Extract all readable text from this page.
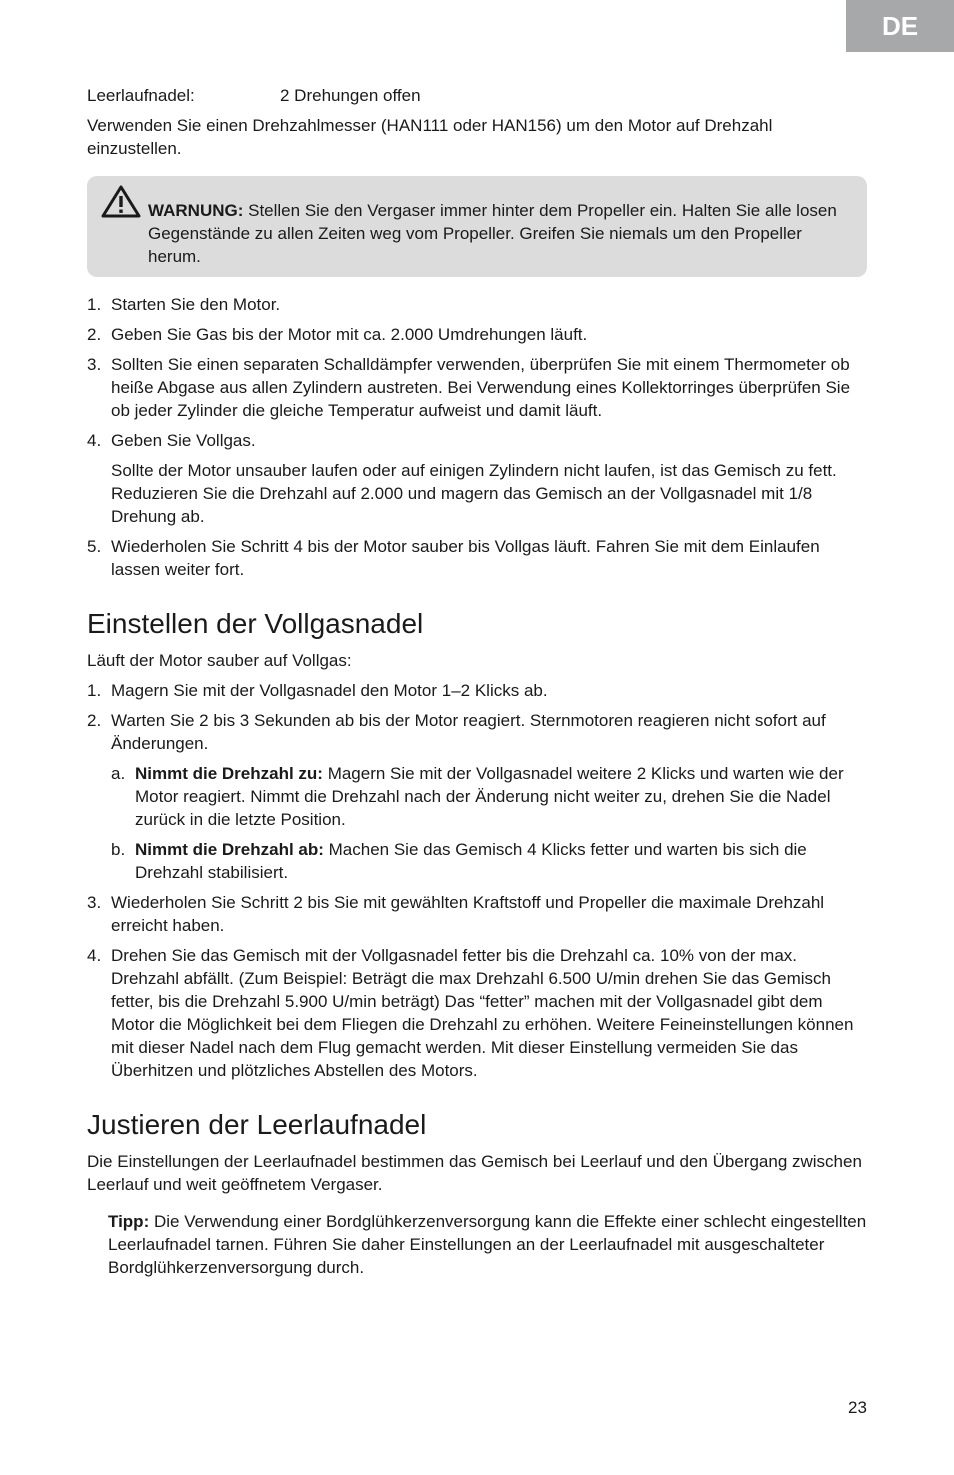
DE
Leerlaufnadel:	2 Drehungen offen

Verwenden Sie einen Drehzahlmesser (HAN111 oder HAN156) um den Motor auf Drehzahl einzustellen.

WARNUNG: Stellen Sie den Vergaser immer hinter dem Propeller ein. Halten Sie alle losen Gegenstände zu allen Zeiten weg vom Propeller. Greifen Sie niemals um den Propeller herum.
1. Starten Sie den Motor.
2. Geben Sie Gas bis der Motor mit ca. 2.000 Umdrehungen läuft.
3. Sollten Sie einen separaten Schalldämpfer verwenden, überprüfen Sie mit einem Thermometer ob heiße Abgase aus allen Zylindern austreten. Bei Verwendung eines Kollektorringes überprüfen Sie ob jeder Zylinder die gleiche Temperatur aufweist und damit läuft.
4. Geben Sie Vollgas.
Sollte der Motor unsauber laufen oder auf einigen Zylindern nicht laufen, ist das Gemisch zu fett. Reduzieren Sie die Drehzahl auf 2.000 und magern das Gemisch an der Vollgasnadel mit 1/8 Drehung ab.
5. Wiederholen Sie Schritt 4 bis der Motor sauber bis Vollgas läuft. Fahren Sie mit dem Einlaufen lassen weiter fort.
Einstellen der Vollgasnadel

Läuft der Motor sauber auf Vollgas:

1. Magern Sie mit der Vollgasnadel den Motor 1–2 Klicks ab.
2. Warten Sie 2 bis 3 Sekunden ab bis der Motor reagiert. Sternmotoren reagieren nicht sofort auf Änderungen.
a. Nimmt die Drehzahl zu: Magern Sie mit der Vollgasnadel weitere 2 Klicks und warten wie der Motor reagiert. Nimmt die Drehzahl nach der Änderung nicht weiter zu, drehen Sie die Nadel zurück in die letzte Position.
b. Nimmt die Drehzahl ab: Machen Sie das Gemisch 4 Klicks fetter und warten bis sich die Drehzahl stabilisiert.
3. Wiederholen Sie Schritt 2 bis Sie mit gewählten Kraftstoff und Propeller die maximale Drehzahl erreicht haben.
4. Drehen Sie das Gemisch mit der Vollgasnadel fetter bis die Drehzahl ca. 10% von der max. Drehzahl abfällt. (Zum Beispiel: Beträgt die max Drehzahl 6.500 U/min drehen Sie das Gemisch fetter, bis die Drehzahl 5.900 U/min beträgt) Das “fetter” machen mit der Vollgasnadel gibt dem Motor die Möglichkeit bei dem Fliegen die Drehzahl zu erhöhen. Weitere Feineinstellungen können mit dieser Nadel nach dem Flug gemacht werden. Mit dieser Einstellung vermeiden Sie das Überhitzen und plötzliches Abstellen des Motors.
Justieren der Leerlaufnadel

Die Einstellungen der Leerlaufnadel bestimmen das Gemisch bei Leerlauf und den Übergang zwischen Leerlauf und weit geöffnetem Vergaser.

Tipp: Die Verwendung einer Bordglühkerzenversorgung kann die Effekte einer schlecht eingestellten Leerlaufnadel tarnen. Führen Sie daher Einstellungen an der Leerlaufnadel mit ausgeschalteter Bordglühkerzenversorgung durch.
23
